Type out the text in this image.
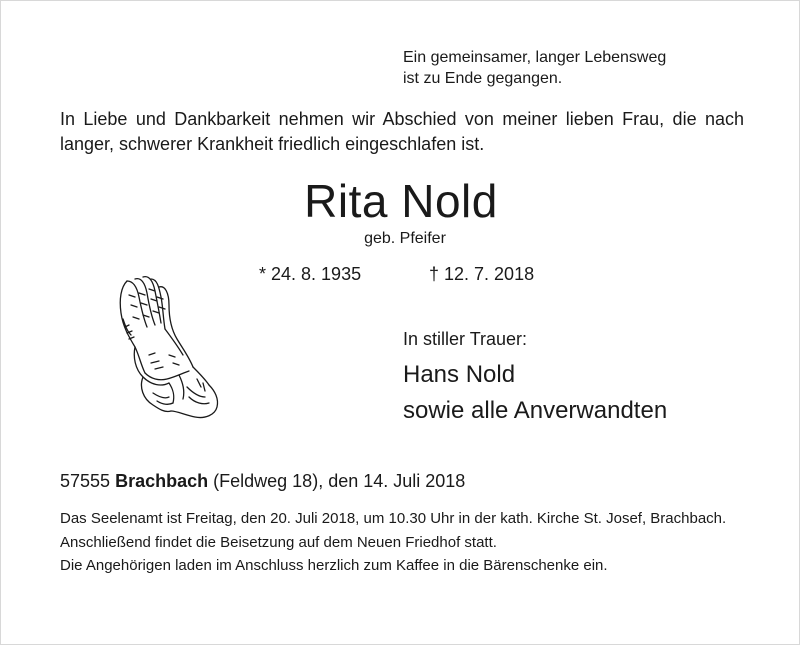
Ein gemeinsamer, langer Lebensweg
ist zu Ende gegangen.
In Liebe und Dankbarkeit nehmen wir Abschied von meiner lieben Frau, die nach langer, schwerer Krankheit friedlich eingeschlafen ist.
Rita Nold
geb. Pfeifer
* 24. 8. 1935	† 12. 7. 2018
In stiller Trauer:
Hans Nold
sowie alle Anverwandten
57555 Brachbach (Feldweg 18), den 14. Juli 2018

Das Seelenamt ist Freitag, den 20. Juli 2018, um 10.30 Uhr in der kath. Kirche St. Josef, Brachbach.

Anschließend findet die Beisetzung auf dem Neuen Friedhof statt.

Die Angehörigen laden im Anschluss herzlich zum Kaffee in die Bärenschenke ein.
